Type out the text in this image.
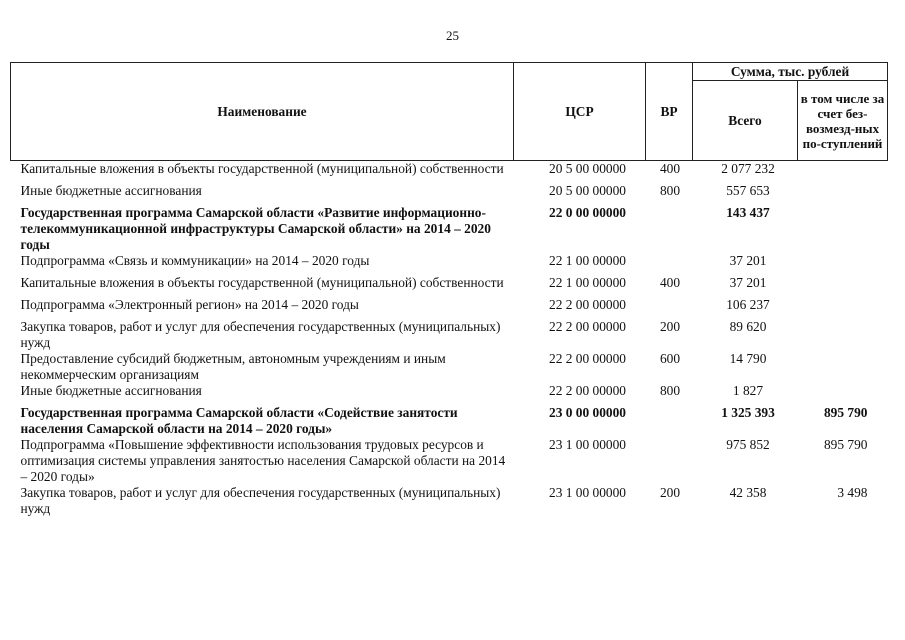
25
Наименование	ЦСР	ВР	Сумма, тыс. рублей	
			Всего	в том числе за счет без-возмезд-ных по-ступлений
Капитальные вложения в объекты государственной (муниципальной) собственности	20 5 00 00000	400	2 077 232	
Иные бюджетные ассигнования	20 5 00 00000	800	557 653	
Государственная программа Самарской области «Развитие информационно-телекоммуникационной инфраструктуры Самарской области» на 2014 – 2020 годы	22 0 00 00000		143 437	
Подпрограмма «Связь и коммуникации» на 2014 – 2020 годы	22 1 00 00000		37 201	
Капитальные вложения в объекты государственной (муниципальной) собственности	22 1 00 00000	400	37 201	
Подпрограмма «Электронный регион» на 2014 – 2020 годы	22 2 00 00000		106 237	
Закупка товаров, работ и услуг для обеспечения государственных (муниципальных) нужд	22 2 00 00000	200	89 620	
Предоставление субсидий бюджетным, автономным учреждениям и иным некоммерческим организациям	22 2 00 00000	600	14 790	
Иные бюджетные ассигнования	22 2 00 00000	800	1 827	
Государственная программа Самарской области «Содействие занятости населения Самарской области на 2014 – 2020 годы»	23 0 00 00000		1 325 393	895 790
Подпрограмма «Повышение эффективности использования трудовых ресурсов и оптимизация системы управления занятостью населения Самарской области на 2014 – 2020 годы»	23 1 00 00000		975 852	895 790
Закупка товаров, работ и услуг для обеспечения государственных (муниципальных) нужд	23 1 00 00000	200	42 358	3 498
